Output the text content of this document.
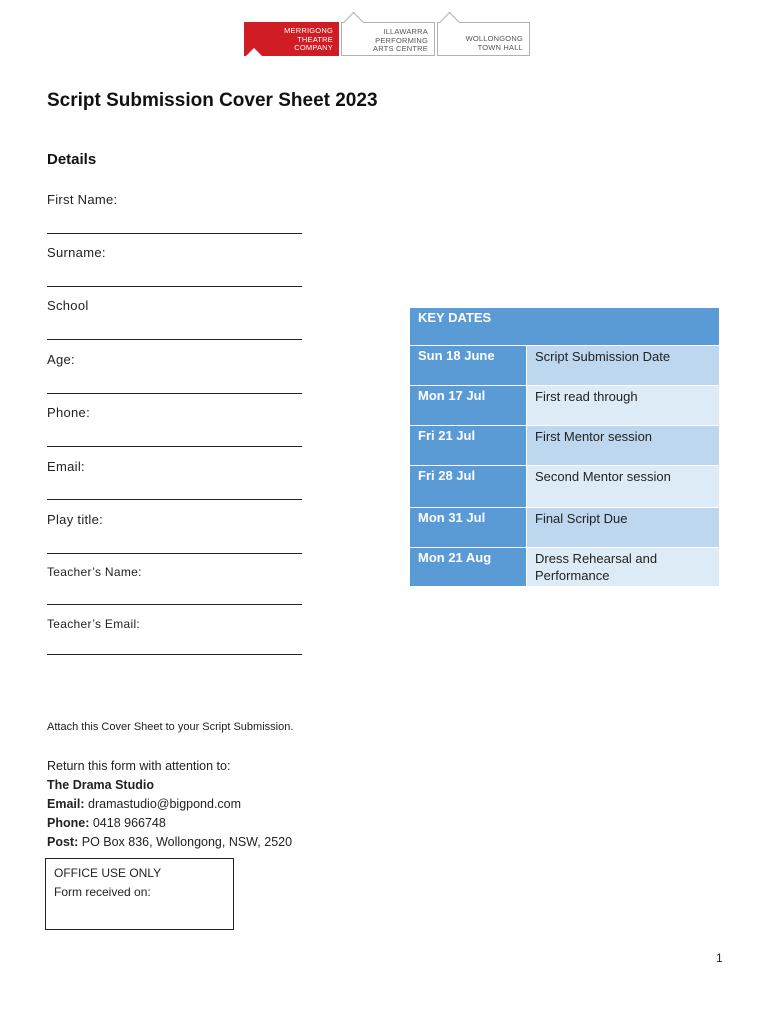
MERRIGONG
THEATRE
COMPANY
ILLAWARRA
PERFORMING
ARTS CENTRE
WOLLONGONG
TOWN HALL
Script Submission Cover Sheet 2023
Details
First Name:
Surname:
School
Age:
Phone:
Email:
Play title:
Teacher’s Name:
Teacher’s Email:
KEY DATES	
Sun 18 June	Script Submission Date
Mon 17 Jul	First read through
Fri 21 Jul	First Mentor session
Fri 28 Jul	Second Mentor session
Mon 31 Jul	Final Script Due
Mon 21 Aug	Dress Rehearsal and Performance
Attach this Cover Sheet to your Script Submission.
Return this form with attention to:
The Drama Studio
Email: dramastudio@bigpond.com
Phone: 0418 966748
Post: PO Box 836, Wollongong, NSW, 2520
OFFICE USE ONLY
Form received on:
1
